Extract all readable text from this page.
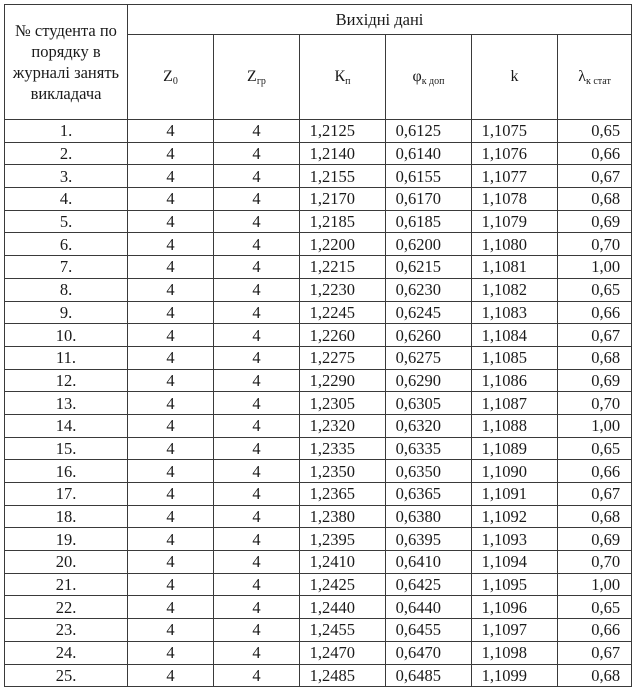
№ студента по порядку в журналі занять викладача	Вихідні дані					
	$Z_0$	$Z_{гр}$	$К_п$	$\varphi_{к доп}$	k	$\lambda_{к стат}$
1.	4	4	1,2125	0,6125	1,1075	0,65
2.	4	4	1,2140	0,6140	1,1076	0,66
3.	4	4	1,2155	0,6155	1,1077	0,67
4.	4	4	1,2170	0,6170	1,1078	0,68
5.	4	4	1,2185	0,6185	1,1079	0,69
6.	4	4	1,2200	0,6200	1,1080	0,70
7.	4	4	1,2215	0,6215	1,1081	1,00
8.	4	4	1,2230	0,6230	1,1082	0,65
9.	4	4	1,2245	0,6245	1,1083	0,66
10.	4	4	1,2260	0,6260	1,1084	0,67
11.	4	4	1,2275	0,6275	1,1085	0,68
12.	4	4	1,2290	0,6290	1,1086	0,69
13.	4	4	1,2305	0,6305	1,1087	0,70
14.	4	4	1,2320	0,6320	1,1088	1,00
15.	4	4	1,2335	0,6335	1,1089	0,65
16.	4	4	1,2350	0,6350	1,1090	0,66
17.	4	4	1,2365	0,6365	1,1091	0,67
18.	4	4	1,2380	0,6380	1,1092	0,68
19.	4	4	1,2395	0,6395	1,1093	0,69
20.	4	4	1,2410	0,6410	1,1094	0,70
21.	4	4	1,2425	0,6425	1,1095	1,00
22.	4	4	1,2440	0,6440	1,1096	0,65
23.	4	4	1,2455	0,6455	1,1097	0,66
24.	4	4	1,2470	0,6470	1,1098	0,67
25.	4	4	1,2485	0,6485	1,1099	0,68
